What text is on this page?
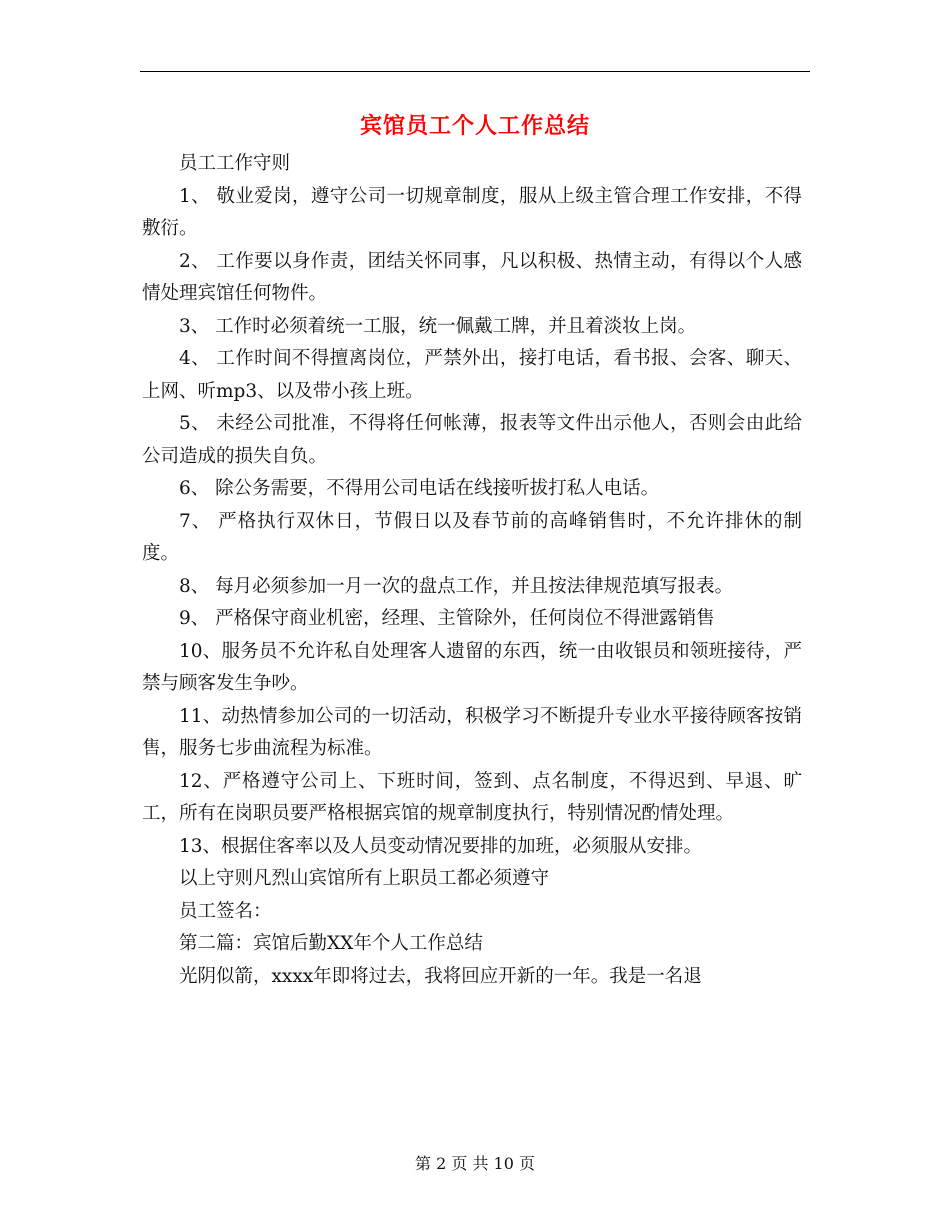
宾馆员工个人工作总结

员工工作守则

1、 敬业爱岗，遵守公司一切规章制度，服从上级主管合理工作安排，不得敷衍。

2、 工作要以身作责，团结关怀同事，凡以积极、热情主动，有得以个人感情处理宾馆任何物件。

3、 工作时必须着统一工服，统一佩戴工牌，并且着淡妆上岗。

4、 工作时间不得擅离岗位，严禁外出，接打电话，看书报、会客、聊天、上网、听mp3、以及带小孩上班。

5、 未经公司批准，不得将任何帐薄，报表等文件出示他人，否则会由此给公司造成的损失自负。

6、 除公务需要，不得用公司电话在线接听拔打私人电话。

7、 严格执行双休日，节假日以及春节前的高峰销售时，不允许排休的制度。

8、 每月必须参加一月一次的盘点工作，并且按法律规范填写报表。

9、 严格保守商业机密，经理、主管除外，任何岗位不得泄露销售

10、服务员不允许私自处理客人遗留的东西，统一由收银员和领班接待，严禁与顾客发生争吵。

11、动热情参加公司的一切活动，积极学习不断提升专业水平接待顾客按销售，服务七步曲流程为标准。

12、严格遵守公司上、下班时间，签到、点名制度，不得迟到、早退、旷工，所有在岗职员要严格根据宾馆的规章制度执行，特别情况酌情处理。

13、根据住客率以及人员变动情况要排的加班，必须服从安排。

以上守则凡烈山宾馆所有上职员工都必须遵守

员工签名：

第二篇：宾馆后勤XX年个人工作总结

光阴似箭，xxxx年即将过去，我将回应开新的一年。我是一名退

第 2 页 共 10 页
